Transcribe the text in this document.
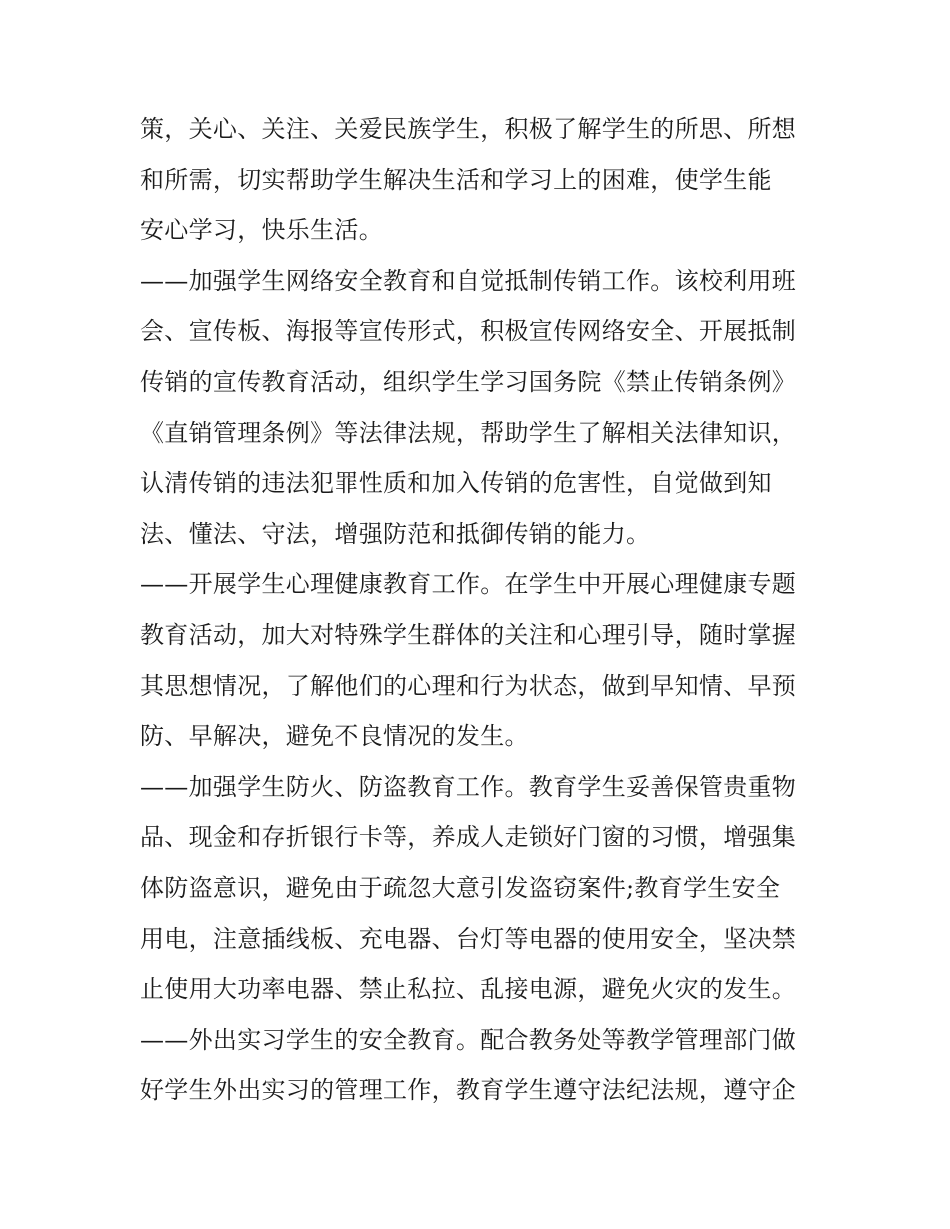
策，关心、关注、关爱民族学生，积极了解学生的所思、所想
和所需，切实帮助学生解决生活和学习上的困难，使学生能
安心学习，快乐生活。
——加强学生网络安全教育和自觉抵制传销工作。该校利用班
会、宣传板、海报等宣传形式，积极宣传网络安全、开展抵制
传销的宣传教育活动，组织学生学习国务院《禁止传销条例》
《直销管理条例》等法律法规，帮助学生了解相关法律知识，
认清传销的违法犯罪性质和加入传销的危害性，自觉做到知
法、懂法、守法，增强防范和抵御传销的能力。
——开展学生心理健康教育工作。在学生中开展心理健康专题
教育活动，加大对特殊学生群体的关注和心理引导，随时掌握
其思想情况，了解他们的心理和行为状态，做到早知情、早预
防、早解决，避免不良情况的发生。
——加强学生防火、防盗教育工作。教育学生妥善保管贵重物
品、现金和存折银行卡等，养成人走锁好门窗的习惯，增强集
体防盗意识，避免由于疏忽大意引发盗窃案件;教育学生安全
用电，注意插线板、充电器、台灯等电器的使用安全，坚决禁
止使用大功率电器、禁止私拉、乱接电源，避免火灾的发生。
——外出实习学生的安全教育。配合教务处等教学管理部门做
好学生外出实习的管理工作，教育学生遵守法纪法规，遵守企
